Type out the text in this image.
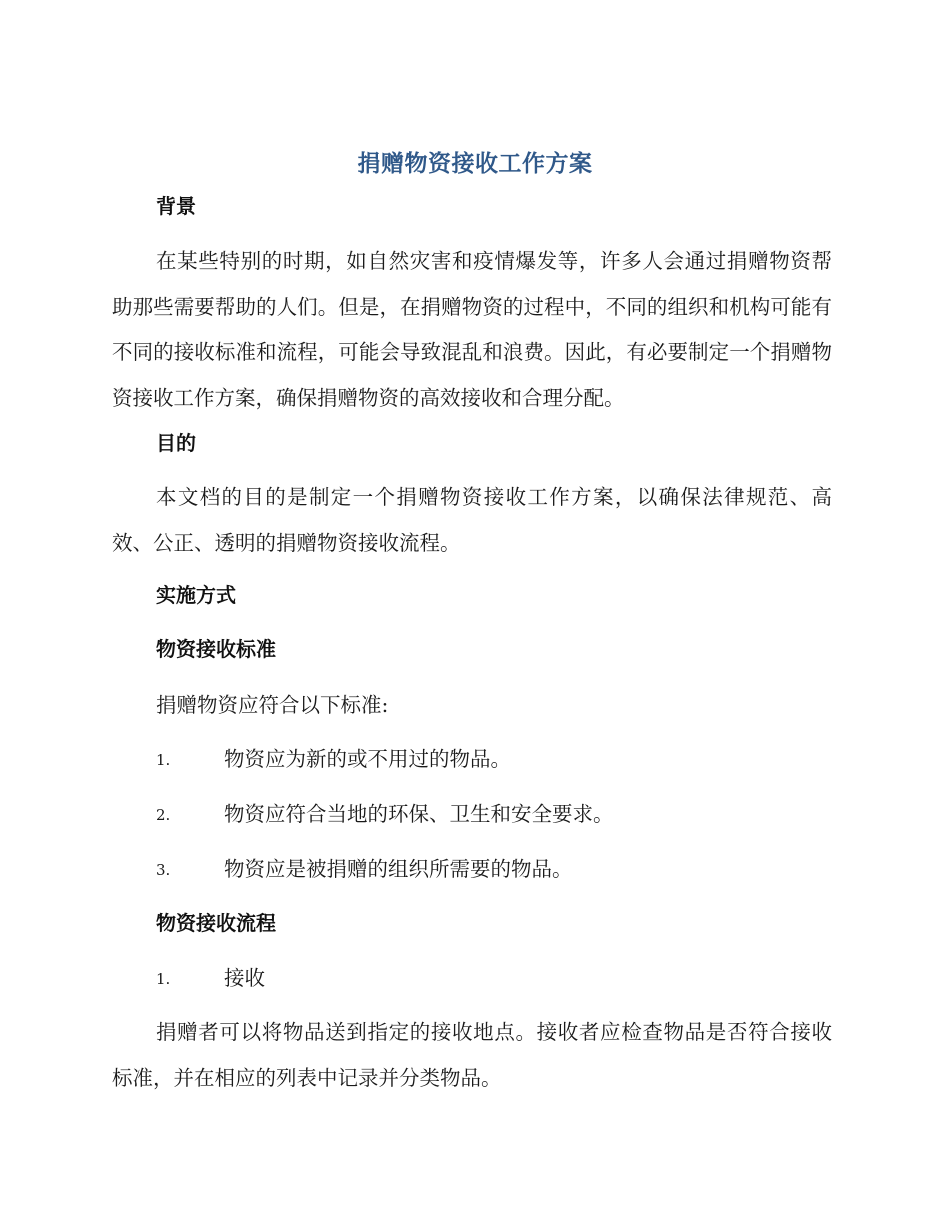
捐赠物资接收工作方案
背景
在某些特别的时期，如自然灾害和疫情爆发等，许多人会通过捐赠物资帮助那些需要帮助的人们。但是，在捐赠物资的过程中，不同的组织和机构可能有不同的接收标准和流程，可能会导致混乱和浪费。因此，有必要制定一个捐赠物资接收工作方案，确保捐赠物资的高效接收和合理分配。
目的
本文档的目的是制定一个捐赠物资接收工作方案，以确保法律规范、高效、公正、透明的捐赠物资接收流程。
实施方式
物资接收标准
捐赠物资应符合以下标准:
1.	物资应为新的或不用过的物品。
2.	物资应符合当地的环保、卫生和安全要求。
3.	物资应是被捐赠的组织所需要的物品。
物资接收流程
1.	接收
捐赠者可以将物品送到指定的接收地点。接收者应检查物品是否符合接收标准，并在相应的列表中记录并分类物品。
